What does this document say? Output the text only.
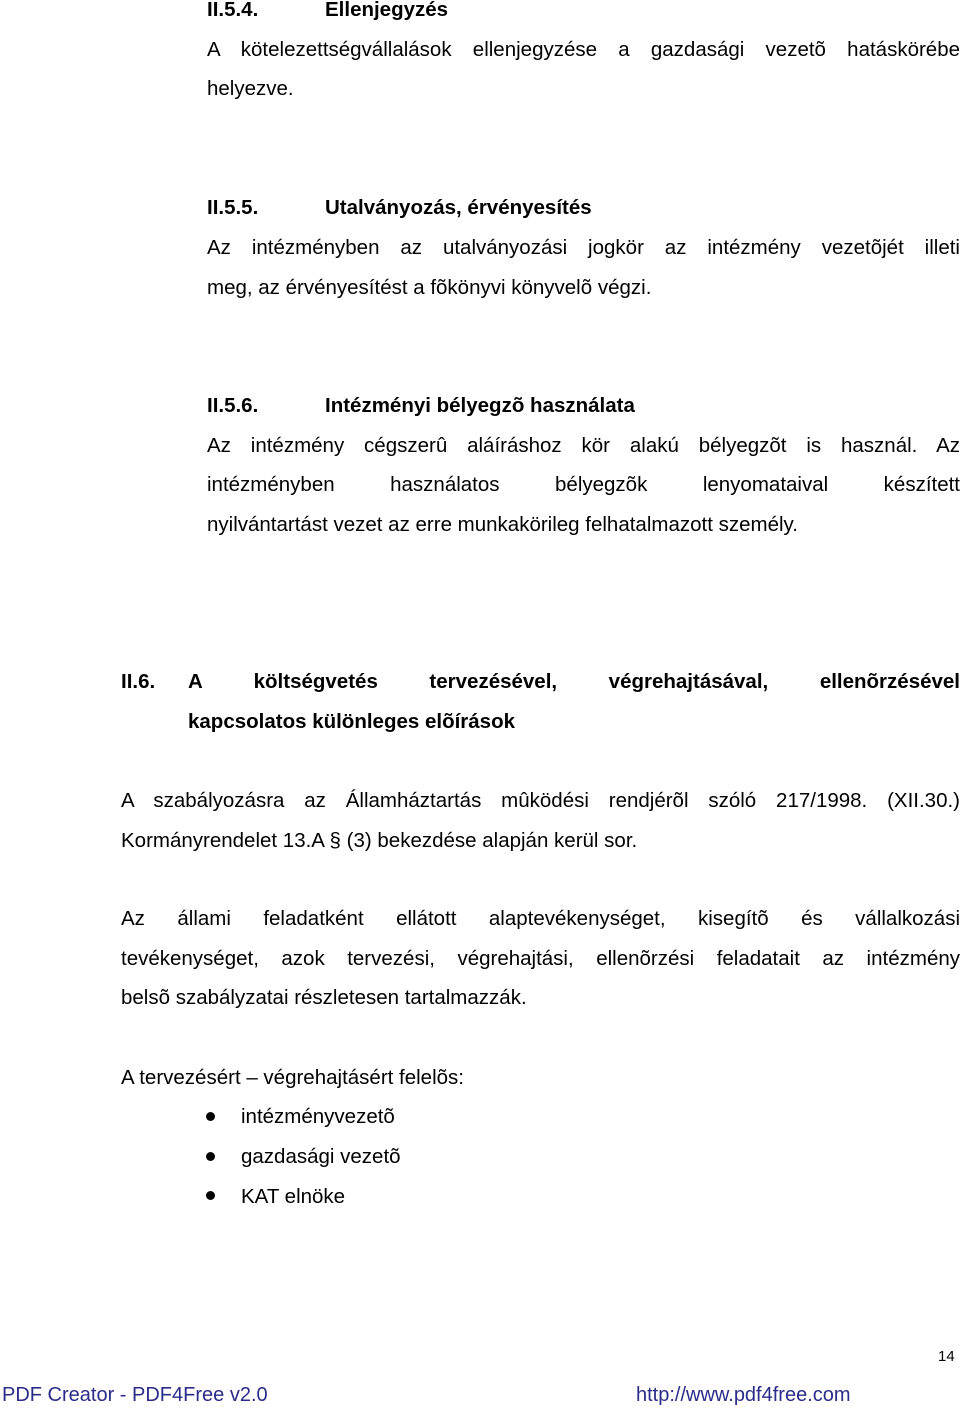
II.5.4.	Ellenjegyzés
A kötelezettségvállalások ellenjegyzése a gazdasági vezetõ hatáskörébe
helyezve.
II.5.5.	Utalványozás, érvényesítés
Az intézményben az utalványozási jogkör az intézmény vezetõjét illeti
meg, az érvényesítést a fõkönyvi könyvelõ végzi.
II.5.6.	Intézményi bélyegzõ használata
Az intézmény cégszerû aláíráshoz kör alakú bélyegzõt is használ. Az
intézményben használatos bélyegzõk lenyomataival készített
nyilvántartást vezet az erre munkakörileg felhatalmazott személy.
II.6. A költségvetés tervezésével, végrehajtásával, ellenõrzésével
kapcsolatos különleges elõírások
A szabályozásra az Államháztartás mûködési rendjérõl szóló 217/1998. (XII.30.)
Kormányrendelet 13.A § (3) bekezdése alapján kerül sor.
Az állami feladatként ellátott alaptevékenységet, kisegítõ és vállalkozási
tevékenységet, azok tervezési, végrehajtási, ellenõrzési feladatait az intézmény
belsõ szabályzatai részletesen tartalmazzák.
A tervezésért – végrehajtásért felelõs:
intézményvezetõ
gazdasági vezetõ
KAT elnöke
14
PDF Creator - PDF4Free v2.0	http://www.pdf4free.com
